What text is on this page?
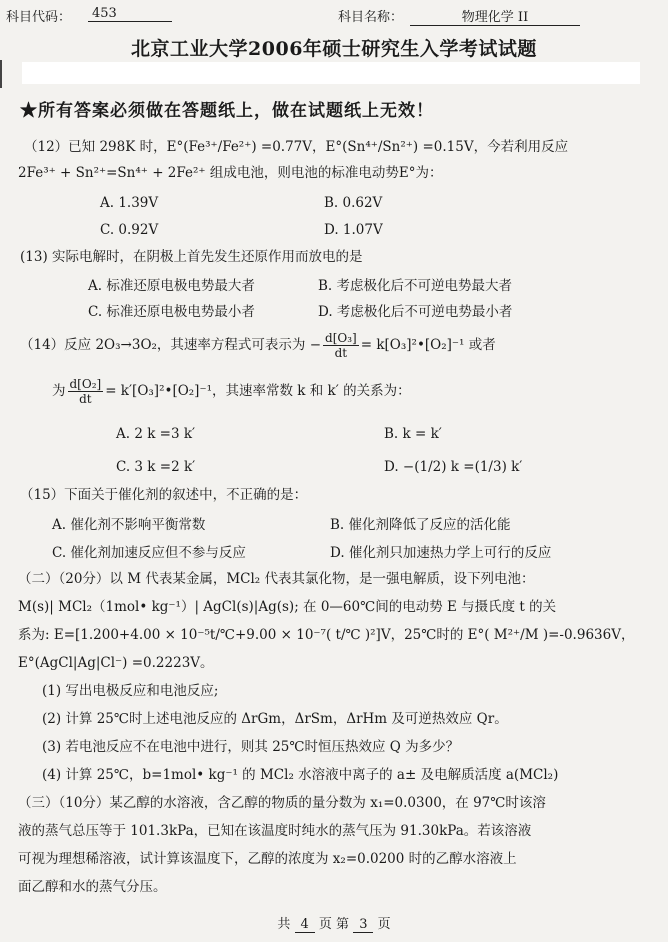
科目代码：	453	科目名称：	物理化学 II
北京工业大学2006年硕士研究生入学考试试题
★所有答案必须做在答题纸上，做在试题纸上无效！
（12）已知 298K 时，E°(Fe³⁺/Fe²⁺) =0.77V，E°(Sn⁴⁺/Sn²⁺) =0.15V，今若利用反应
2Fe³⁺ + Sn²⁺=Sn⁴⁺ + 2Fe²⁺ 组成电池，则电池的标准电动势E°为：
A. 1.39V	B. 0.62V
C. 0.92V	D. 1.07V
(13) 实际电解时，在阴极上首先发生还原作用而放电的是
A. 标准还原电极电势最大者	B. 考虑极化后不可逆电势最大者
C. 标准还原电极电势最小者	D. 考虑极化后不可逆电势最小者
（14）反应 2O₃→3O₂，其速率方程式可表示为 − $\frac{\text{d[O₃]}}{dt}$ = k[O₃]²•[O₂]⁻¹ 或者
为 $\frac{\text{d[O₂]}}{dt}$ = k′[O₃]²•[O₂]⁻¹，其速率常数 k 和 k′ 的关系为：
A. 2 k =3 k′	B. k = k′
C. 3 k =2 k′	D. −(1/2) k =(1/3) k′
（15）下面关于催化剂的叙述中，不正确的是：
A. 催化剂不影响平衡常数	B. 催化剂降低了反应的活化能
C. 催化剂加速反应但不参与反应	D. 催化剂只加速热力学上可行的反应
（二）（20分）以 M 代表某金属，MCl₂ 代表其氯化物，是一强电解质，设下列电池：
M(s)| MCl₂（1mol• kg⁻¹）| AgCl(s)|Ag(s); 在 0—60℃间的电动势 E 与摄氏度 t 的关
系为: E=[1.200+4.00 × 10⁻⁵t/℃+9.00 × 10⁻⁷( t/℃ )²]V，25℃时的 E°( M²⁺/M )=-0.9636V，
E°(AgCl|Ag|Cl⁻) =0.2223V。
(1) 写出电极反应和电池反应;
(2) 计算 25℃时上述电池反应的 ΔrGm，ΔrSm，ΔrHm 及可逆热效应 Qr。
(3) 若电池反应不在电池中进行，则其 25℃时恒压热效应 Q 为多少？
(4) 计算 25℃，b=1mol• kg⁻¹ 的 MCl₂ 水溶液中离子的 a± 及电解质活度 a(MCl₂)
（三）（10分）某乙醇的水溶液，含乙醇的物质的量分数为 x₁=0.0300，在 97℃时该溶
液的蒸气总压等于 101.3kPa，已知在该温度时纯水的蒸气压为 91.30kPa。若该溶液
可视为理想稀溶液，试计算该温度下，乙醇的浓度为 x₂=0.0200 时的乙醇水溶液上
面乙醇和水的蒸气分压。
共 4 页 第 3 页
